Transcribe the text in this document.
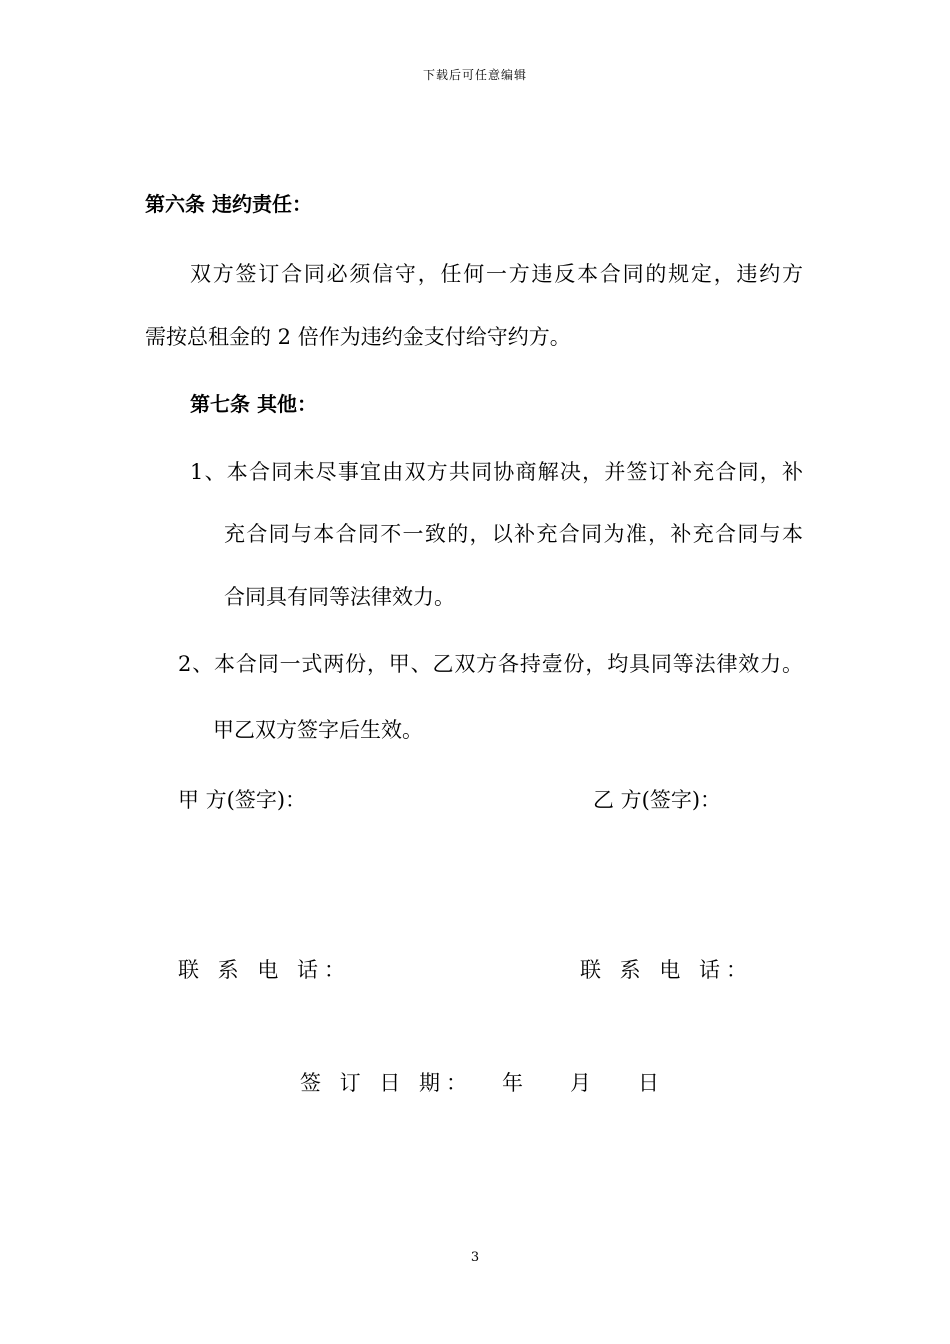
下载后可任意编辑
第六条 违约责任：
双方签订合同必须信守，任何一方违反本合同的规定，违约方
需按总租金的 2 倍作为违约金支付给守约方。
第七条 其他：
1、本合同未尽事宜由双方共同协商解决，并签订补充合同，补
充合同与本合同不一致的，以补充合同为准，补充合同与本
合同具有同等法律效力。
2、本合同一式两份，甲、乙双方各持壹份，均具同等法律效力。
甲乙双方签字后生效。
甲 方(签字)：	乙 方(签字)：
联 系 电 话：	联 系 电 话：
签 订 日 期： 年 月 日
3
